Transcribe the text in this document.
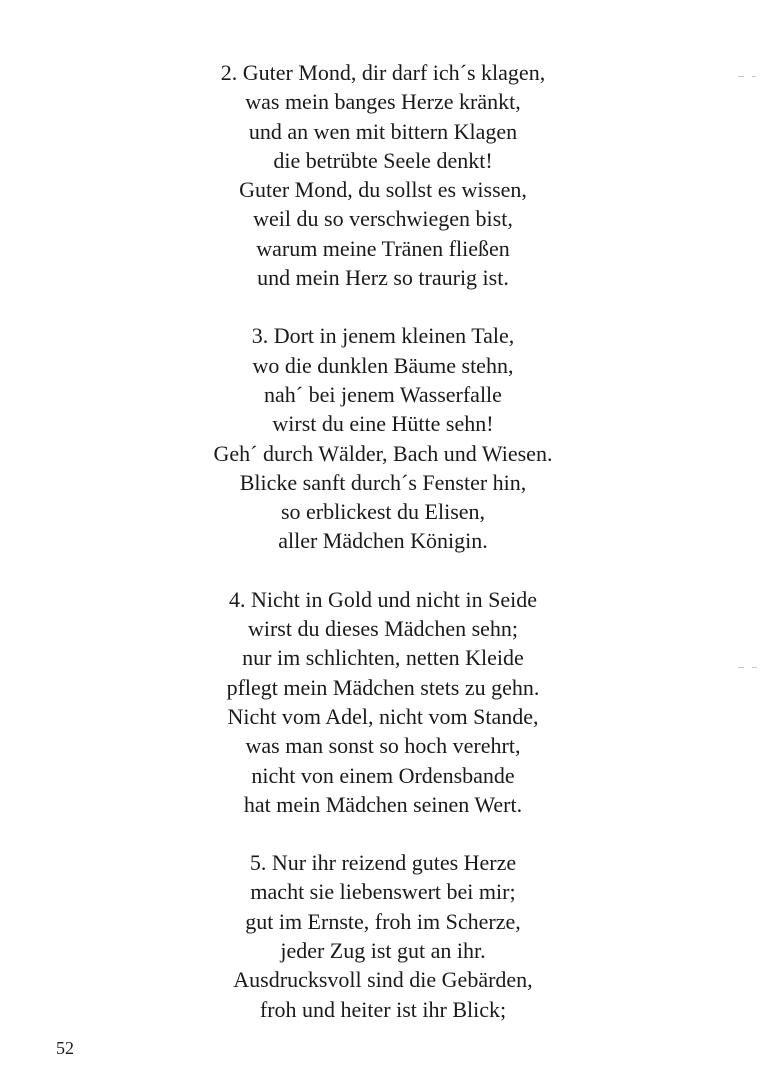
2. Guter Mond, dir darf ich´s klagen,
was mein banges Herze kränkt,
und an wen mit bittern Klagen
die betrübte Seele denkt!
Guter Mond, du sollst es wissen,
weil du so verschwiegen bist,
warum meine Tränen fließen
und mein Herz so traurig ist.
3. Dort in jenem kleinen Tale,
wo die dunklen Bäume stehn,
nah´ bei jenem Wasserfalle
wirst du eine Hütte sehn!
Geh´ durch Wälder, Bach und Wiesen.
Blicke sanft durch´s Fenster hin,
so erblickest du Elisen,
aller Mädchen Königin.
4. Nicht in Gold und nicht in Seide
wirst du dieses Mädchen sehn;
nur im schlichten, netten Kleide
pflegt mein Mädchen stets zu gehn.
Nicht vom Adel, nicht vom Stande,
was man sonst so hoch verehrt,
nicht von einem Ordensbande
hat mein Mädchen seinen Wert.
5. Nur ihr reizend gutes Herze
macht sie liebenswert bei mir;
gut im Ernste, froh im Scherze,
jeder Zug ist gut an ihr.
Ausdrucksvoll sind die Gebärden,
froh und heiter ist ihr Blick;
52
